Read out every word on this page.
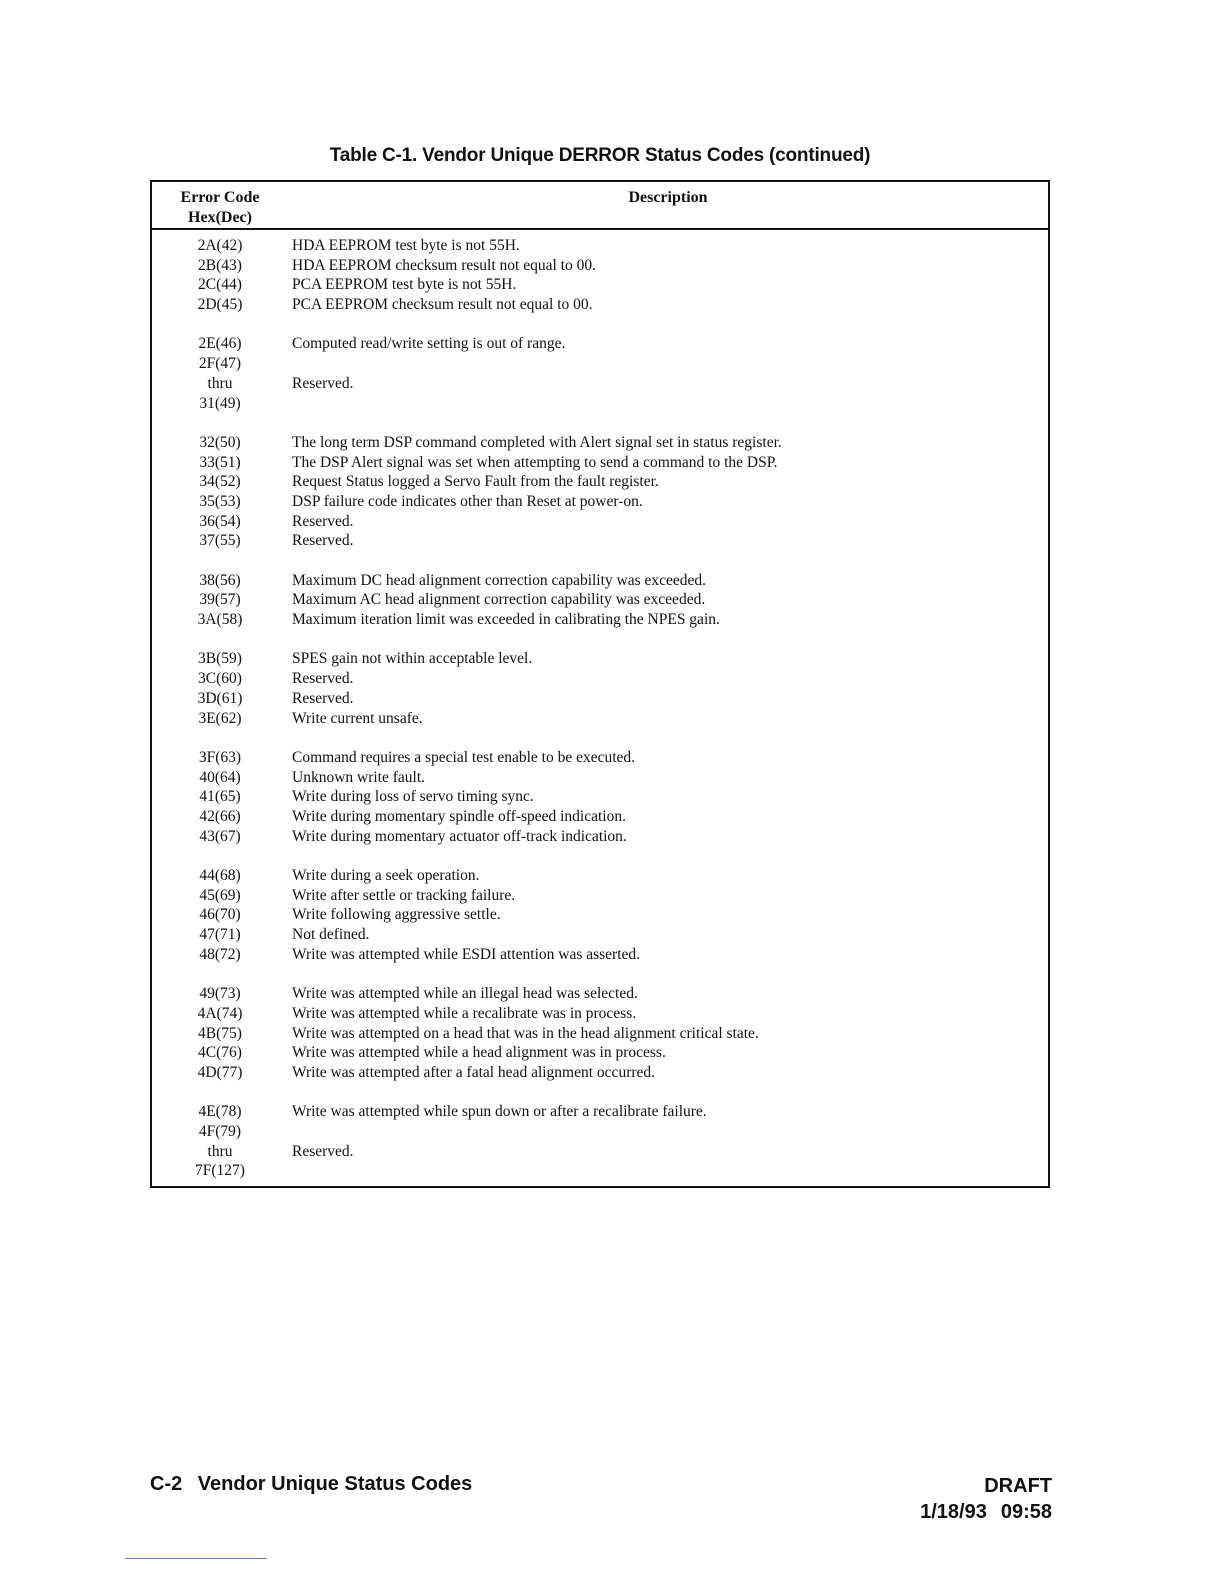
Table C-1. Vendor Unique DERROR Status Codes (continued)
Error Code
Hex(Dec)
Description
2A(42)	HDA EEPROM test byte is not 55H.
2B(43)	HDA EEPROM checksum result not equal to 00.
2C(44)	PCA EEPROM test byte is not 55H.
2D(45)	PCA EEPROM checksum result not equal to 00.
2E(46)	Computed read/write setting is out of range.
2F(47)
thru	Reserved.
31(49)
32(50)	The long term DSP command completed with Alert signal set in status register.
33(51)	The DSP Alert signal was set when attempting to send a command to the DSP.
34(52)	Request Status logged a Servo Fault from the fault register.
35(53)	DSP failure code indicates other than Reset at power-on.
36(54)	Reserved.
37(55)	Reserved.
38(56)	Maximum DC head alignment correction capability was exceeded.
39(57)	Maximum AC head alignment correction capability was exceeded.
3A(58)	Maximum iteration limit was exceeded in calibrating the NPES gain.
3B(59)	SPES gain not within acceptable level.
3C(60)	Reserved.
3D(61)	Reserved.
3E(62)	Write current unsafe.
3F(63)	Command requires a special test enable to be executed.
40(64)	Unknown write fault.
41(65)	Write during loss of servo timing sync.
42(66)	Write during momentary spindle off-speed indication.
43(67)	Write during momentary actuator off-track indication.
44(68)	Write during a seek operation.
45(69)	Write after settle or tracking failure.
46(70)	Write following aggressive settle.
47(71)	Not defined.
48(72)	Write was attempted while ESDI attention was asserted.
49(73)	Write was attempted while an illegal head was selected.
4A(74)	Write was attempted while a recalibrate was in process.
4B(75)	Write was attempted on a head that was in the head alignment critical state.
4C(76)	Write was attempted while a head alignment was in process.
4D(77)	Write was attempted after a fatal head alignment occurred.
4E(78)	Write was attempted while spun down or after a recalibrate failure.
4F(79)
thru	Reserved.
7F(127)
C-2 Vendor Unique Status Codes	DRAFT
1/18/93 09:58
